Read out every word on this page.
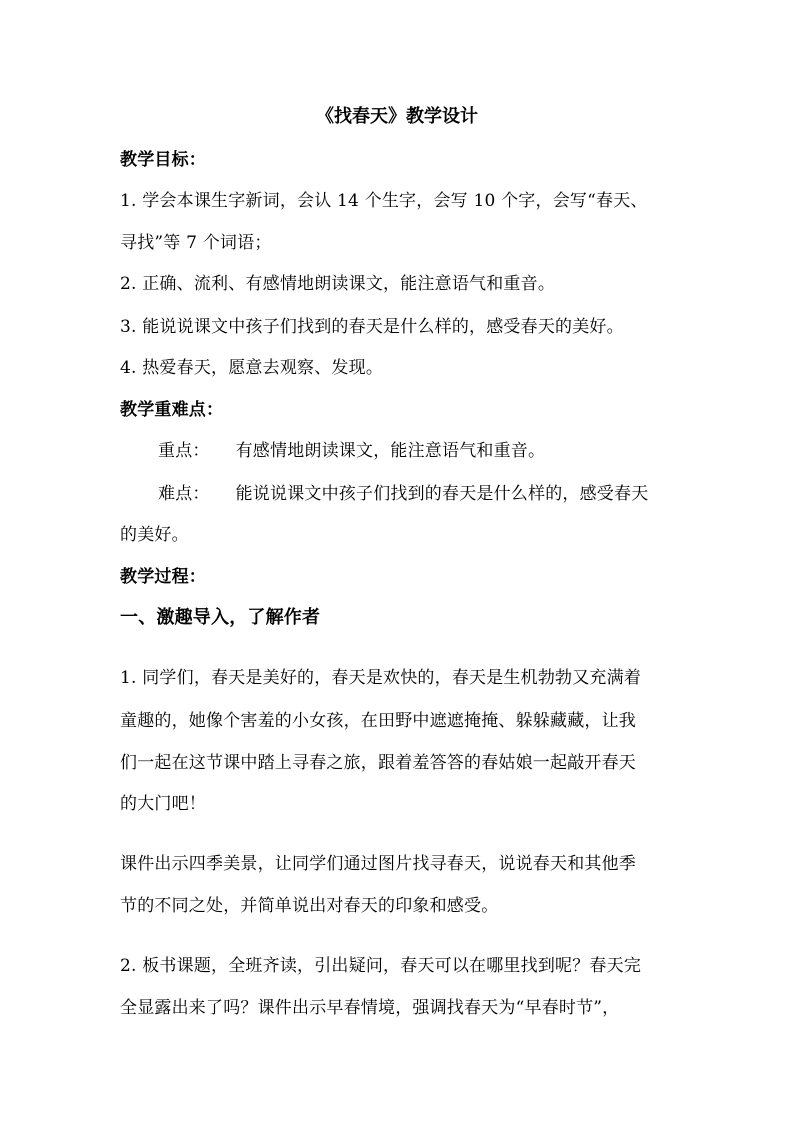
《找春天》教学设计
教学目标：
1. 学会本课生字新词，会认 14 个生字，会写 10 个字，会写“春天、
寻找”等 7 个词语；
2. 正确、流利、有感情地朗读课文，能注意语气和重音。
3. 能说说课文中孩子们找到的春天是什么样的，感受春天的美好。
4. 热爱春天，愿意去观察、发现。
教学重难点：
重点： 有感情地朗读课文，能注意语气和重音。
难点： 能说说课文中孩子们找到的春天是什么样的，感受春天
的美好。
教学过程：
一、激趣导入，了解作者
1. 同学们，春天是美好的，春天是欢快的，春天是生机勃勃又充满着
童趣的，她像个害羞的小女孩，在田野中遮遮掩掩、躲躲藏藏，让我
们一起在这节课中踏上寻春之旅，跟着羞答答的春姑娘一起敲开春天
的大门吧！
课件出示四季美景，让同学们通过图片找寻春天，说说春天和其他季
节的不同之处，并简单说出对春天的印象和感受。
2. 板书课题，全班齐读，引出疑问，春天可以在哪里找到呢？春天完
全显露出来了吗？课件出示早春情境，强调找春天为“早春时节”，
